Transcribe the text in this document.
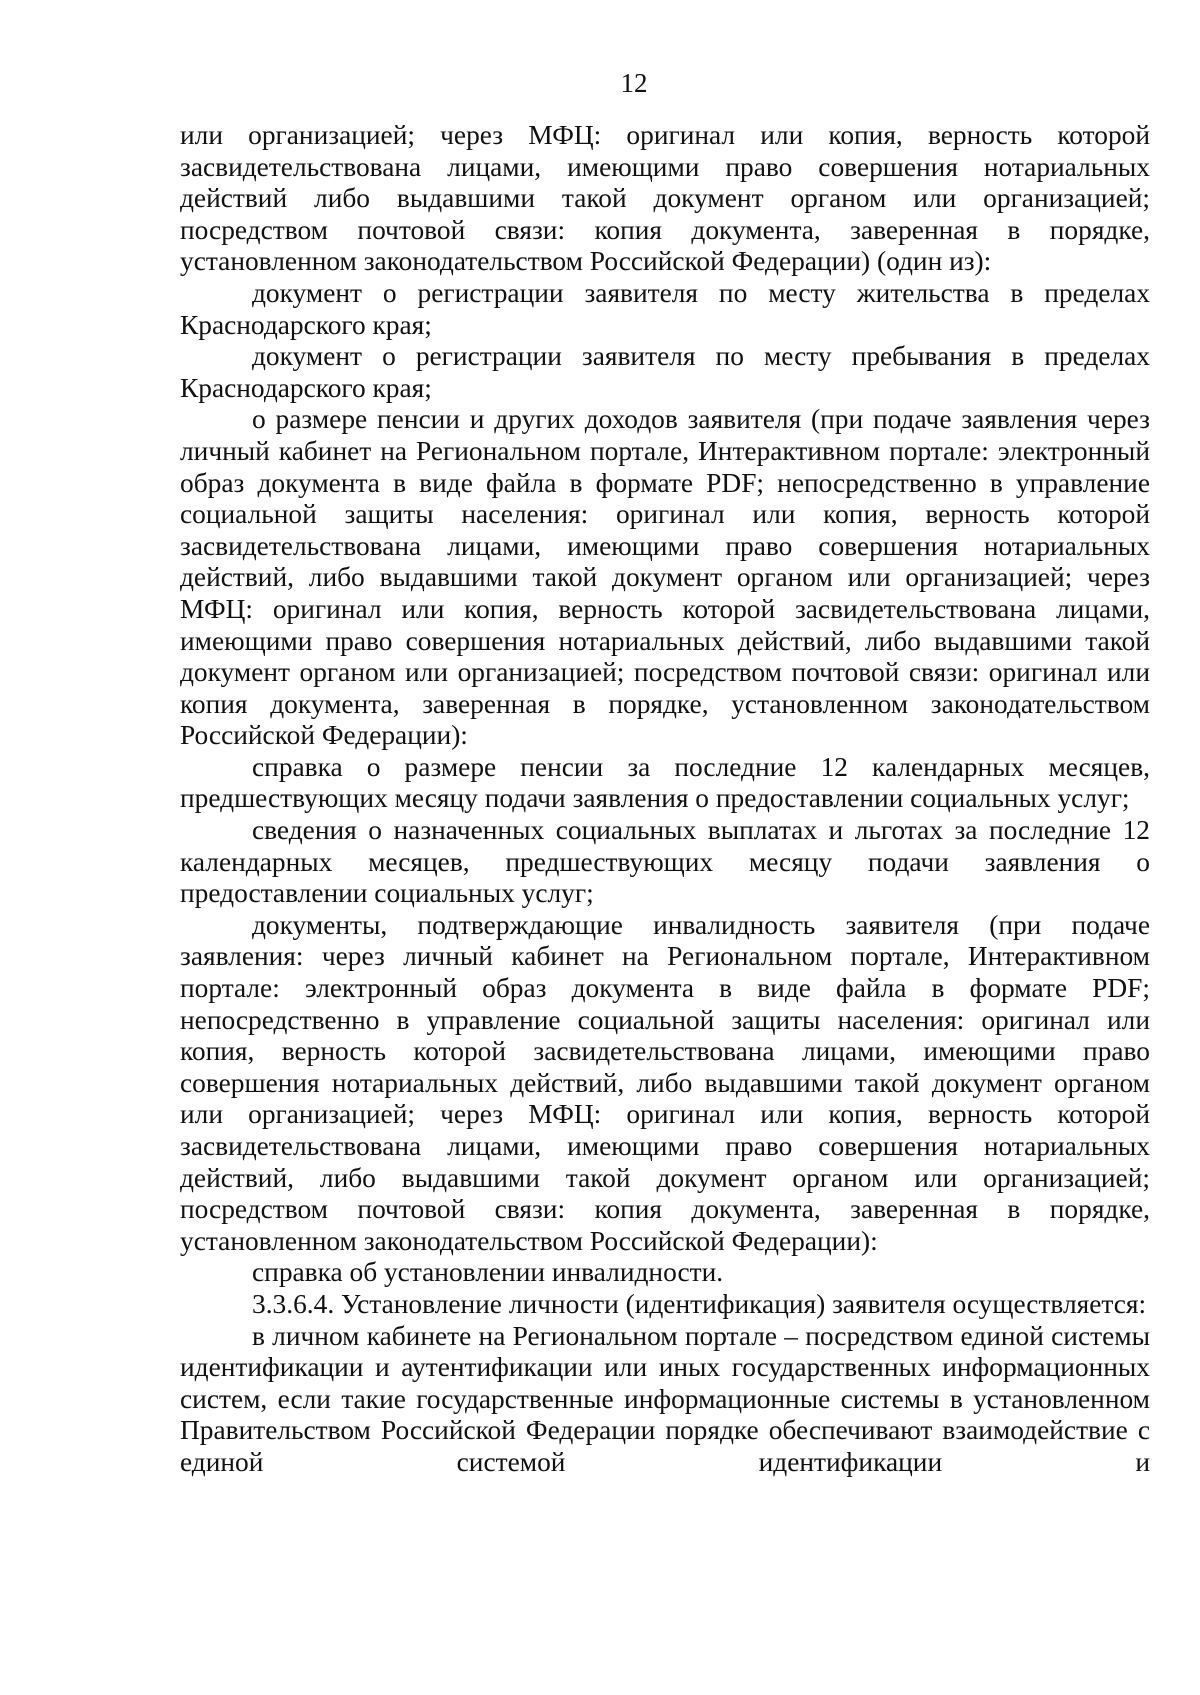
12

или организацией; через МФЦ: оригинал или копия, верность которой засвидетельствована лицами, имеющими право совершения нотариальных действий либо выдавшими такой документ органом или организацией; посредством почтовой связи: копия документа, заверенная в порядке, установленном законодательством Российской Федерации) (один из):

документ о регистрации заявителя по месту жительства в пределах Краснодарского края;

документ о регистрации заявителя по месту пребывания в пределах Краснодарского края;

о размере пенсии и других доходов заявителя (при подаче заявления через личный кабинет на Региональном портале, Интерактивном портале: электронный образ документа в виде файла в формате PDF; непосредственно в управление социальной защиты населения: оригинал или копия, верность которой засвидетельствована лицами, имеющими право совершения нотариальных действий, либо выдавшими такой документ органом или организацией; через МФЦ: оригинал или копия, верность которой засвидетельствована лицами, имеющими право совершения нотариальных действий, либо выдавшими такой документ органом или организацией; посредством почтовой связи: оригинал или копия документа, заверенная в порядке, установленном законодательством Российской Федерации):

справка о размере пенсии за последние 12 календарных месяцев, предшествующих месяцу подачи заявления о предоставлении социальных услуг;

сведения о назначенных социальных выплатах и льготах за последние 12 календарных месяцев, предшествующих месяцу подачи заявления о предоставлении социальных услуг;

документы, подтверждающие инвалидность заявителя (при подаче заявления: через личный кабинет на Региональном портале, Интерактивном портале: электронный образ документа в виде файла в формате PDF; непосредственно в управление социальной защиты населения: оригинал или копия, верность которой засвидетельствована лицами, имеющими право совершения нотариальных действий, либо выдавшими такой документ органом или организацией; через МФЦ: оригинал или копия, верность которой засвидетельствована лицами, имеющими право совершения нотариальных действий, либо выдавшими такой документ органом или организацией; посредством почтовой связи: копия документа, заверенная в порядке, установленном законодательством Российской Федерации):

справка об установлении инвалидности.

3.3.6.4. Установление личности (идентификация) заявителя осуществляется:

в личном кабинете на Региональном портале – посредством единой системы идентификации и аутентификации или иных государственных информационных систем, если такие государственные информационные системы в установленном Правительством Российской Федерации порядке обеспечивают взаимодействие с единой системой идентификации и
